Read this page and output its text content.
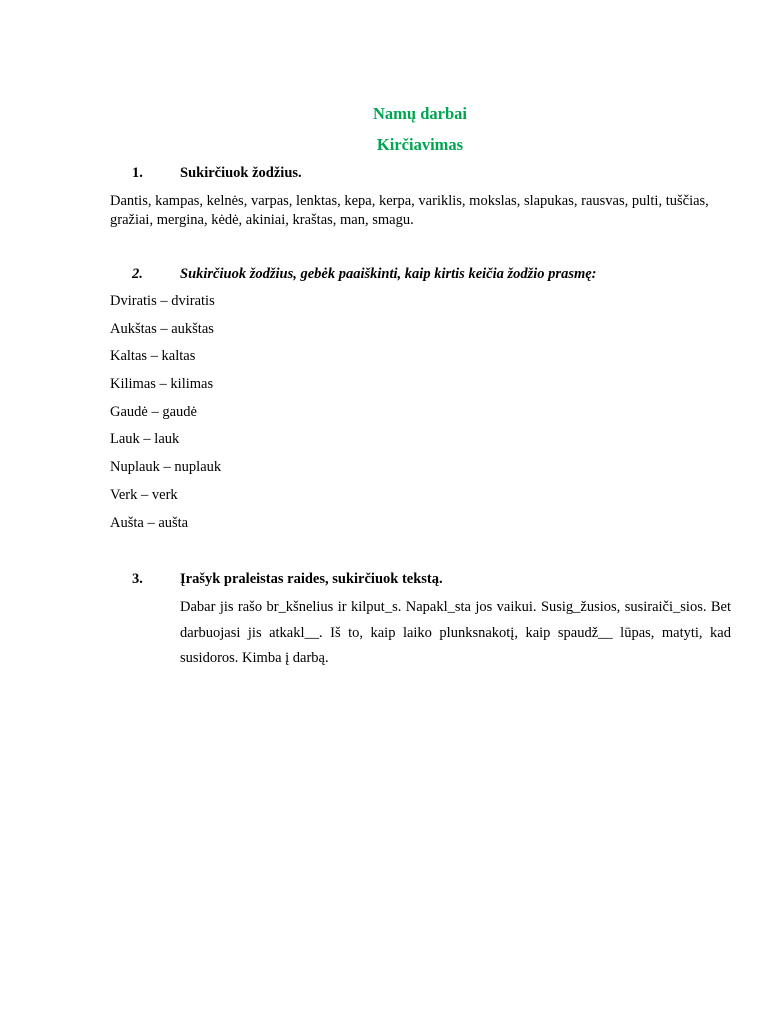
Namų darbai
Kirčiavimas
1.	Sukirčiuok žodžius.
Dantis, kampas, kelnės, varpas, lenktas, kepa, kerpa, variklis, mokslas, slapukas, rausvas, pulti, tuščias, gražiai, mergina, kėdė, akiniai, kraštas, man, smagu.
2.	Sukirčiuok žodžius, gebėk paaiškinti, kaip kirtis keičia žodžio prasmę:
Dviratis – dviratis
Aukštas – aukštas
Kaltas – kaltas
Kilimas – kilimas
Gaudė – gaudė
Lauk – lauk
Nuplauk – nuplauk
Verk – verk
Aušta – aušta
3.	Įrašyk praleistas raides, sukirčiuok tekstą.
Dabar jis rašo br_kšnelius ir kilput_s. Napakl_sta jos vaikui. Susig_žusios, susiraiči_sios. Bet darbuojasi jis atkakl__. Iš to, kaip laiko plunksnakotį, kaip spaudž__ lūpas, matyti, kad susidoros. Kimba į darbą.
